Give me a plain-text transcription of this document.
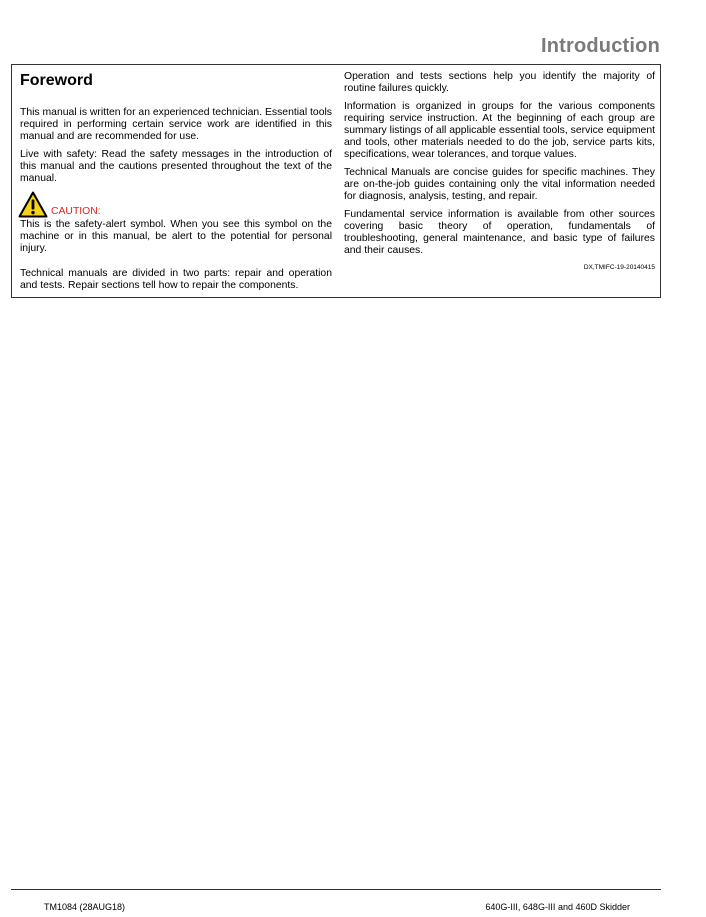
Introduction
Foreword

This manual is written for an experienced technician. Essential tools required in performing certain service work are identified in this manual and are recommended for use.

Live with safety: Read the safety messages in the introduction of this manual and the cautions presented throughout the text of the manual.

CAUTION:

This is the safety-alert symbol. When you see this symbol on the machine or in this manual, be alert to the potential for personal injury.

Technical manuals are divided in two parts: repair and operation and tests. Repair sections tell how to repair the components.

Operation and tests sections help you identify the majority of routine failures quickly.

Information is organized in groups for the various components requiring service instruction. At the beginning of each group are summary listings of all applicable essential tools, service equipment and tools, other materials needed to do the job, service parts kits, specifications, wear tolerances, and torque values.

Technical Manuals are concise guides for specific machines. They are on-the-job guides containing only the vital information needed for diagnosis, analysis, testing, and repair.

Fundamental service information is available from other sources covering basic theory of operation, fundamentals of troubleshooting, general maintenance, and basic type of failures and their causes.

DX,TMIFC-19-20140415
TM1084 (28AUG18)	640G-III, 648G-III and 460D Skidder
